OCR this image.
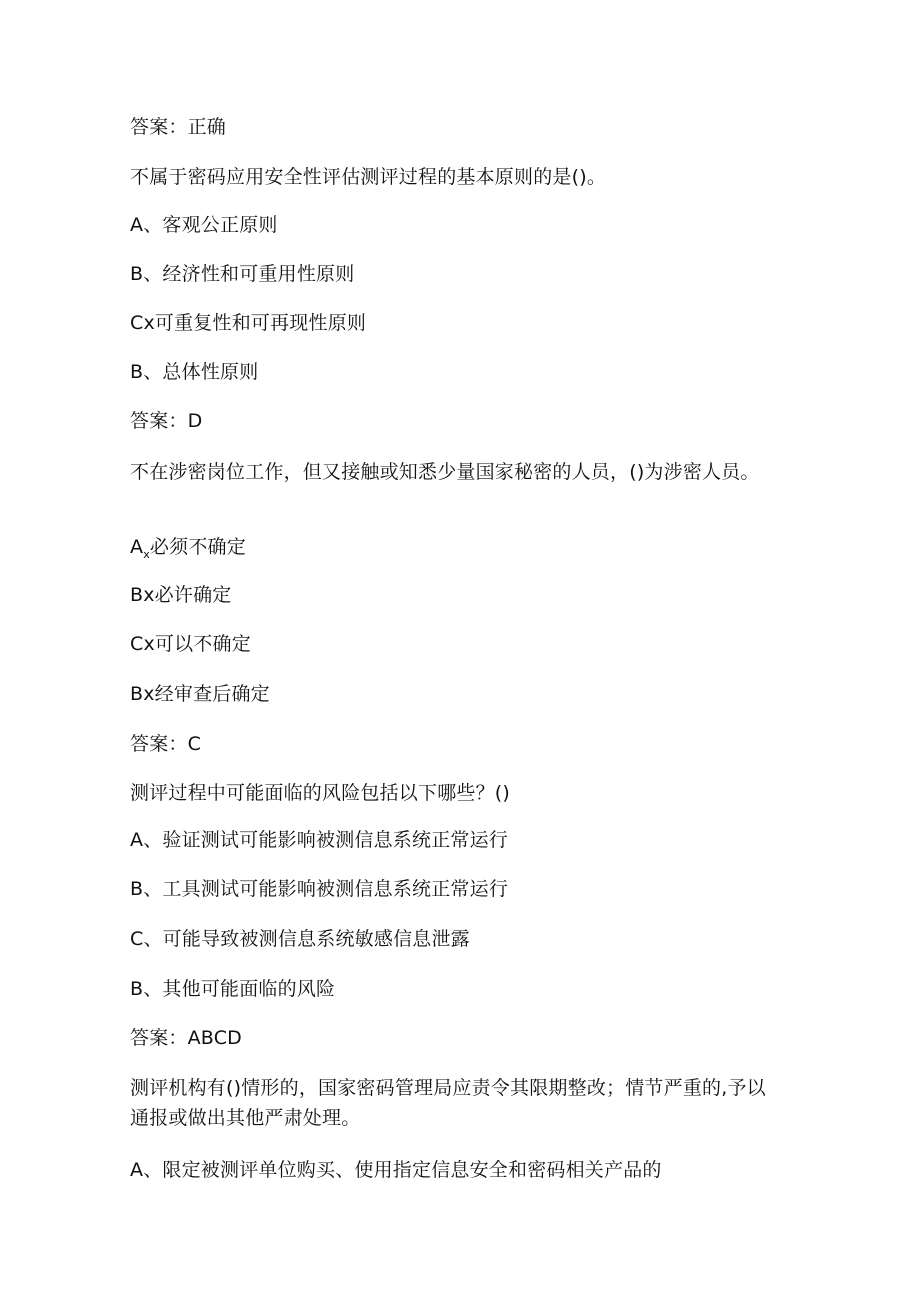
答案：正确
不属于密码应用安全性评估测评过程的基本原则的是()。
A、客观公正原则
B、经济性和可重用性原则
Cx可重复性和可再现性原则
B、总体性原则
答案：D
不在涉密岗位工作，但又接触或知悉少量国家秘密的人员，()为涉密人员。
$A_x$必须不确定
Bx必许确定
Cx可以不确定
Bx经审查后确定
答案：C
测评过程中可能面临的风险包括以下哪些？()
A、验证测试可能影响被测信息系统正常运行
B、工具测试可能影响被测信息系统正常运行
C、可能导致被测信息系统敏感信息泄露
B、其他可能面临的风险
答案：ABCD
测评机构有()情形的，国家密码管理局应责令其限期整改；情节严重的,予以通报或做出其他严肃处理。
A、限定被测评单位购买、使用指定信息安全和密码相关产品的
